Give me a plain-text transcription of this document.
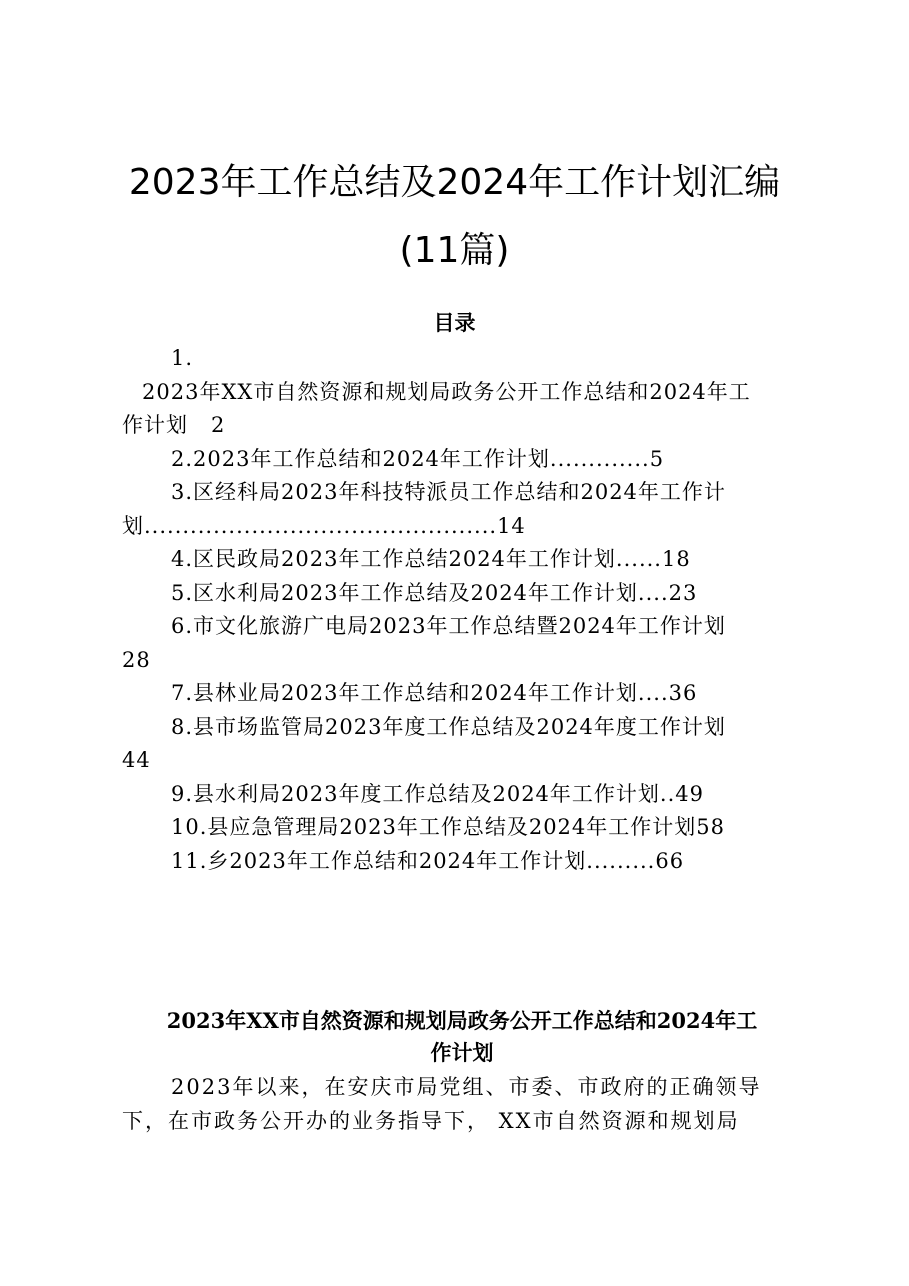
2023年工作总结及2024年工作计划汇编
(11篇)
目录
1.
2023年XX市自然资源和规划局政务公开工作总结和2024年工
作计划   2
2.2023年工作总结和2024年工作计划.............5
3.区经科局2023年科技特派员工作总结和2024年工作计
划..............................................14
4.区民政局2023年工作总结2024年工作计划......18
5.区水利局2023年工作总结及2024年工作计划....23
6.市文化旅游广电局2023年工作总结暨2024年工作计划
28
7.县林业局2023年工作总结和2024年工作计划....36
8.县市场监管局2023年度工作总结及2024年度工作计划
44
9.县水利局2023年度工作总结及2024年工作计划..49
10.县应急管理局2023年工作总结及2024年工作计划58
11.乡2023年工作总结和2024年工作计划.........66
2023年XX市自然资源和规划局政务公开工作总结和2024年工
作计划
2023年以来，在安庆市局党组、市委、市政府的正确领导
下，在市政务公开办的业务指导下， XX市自然资源和规划局
